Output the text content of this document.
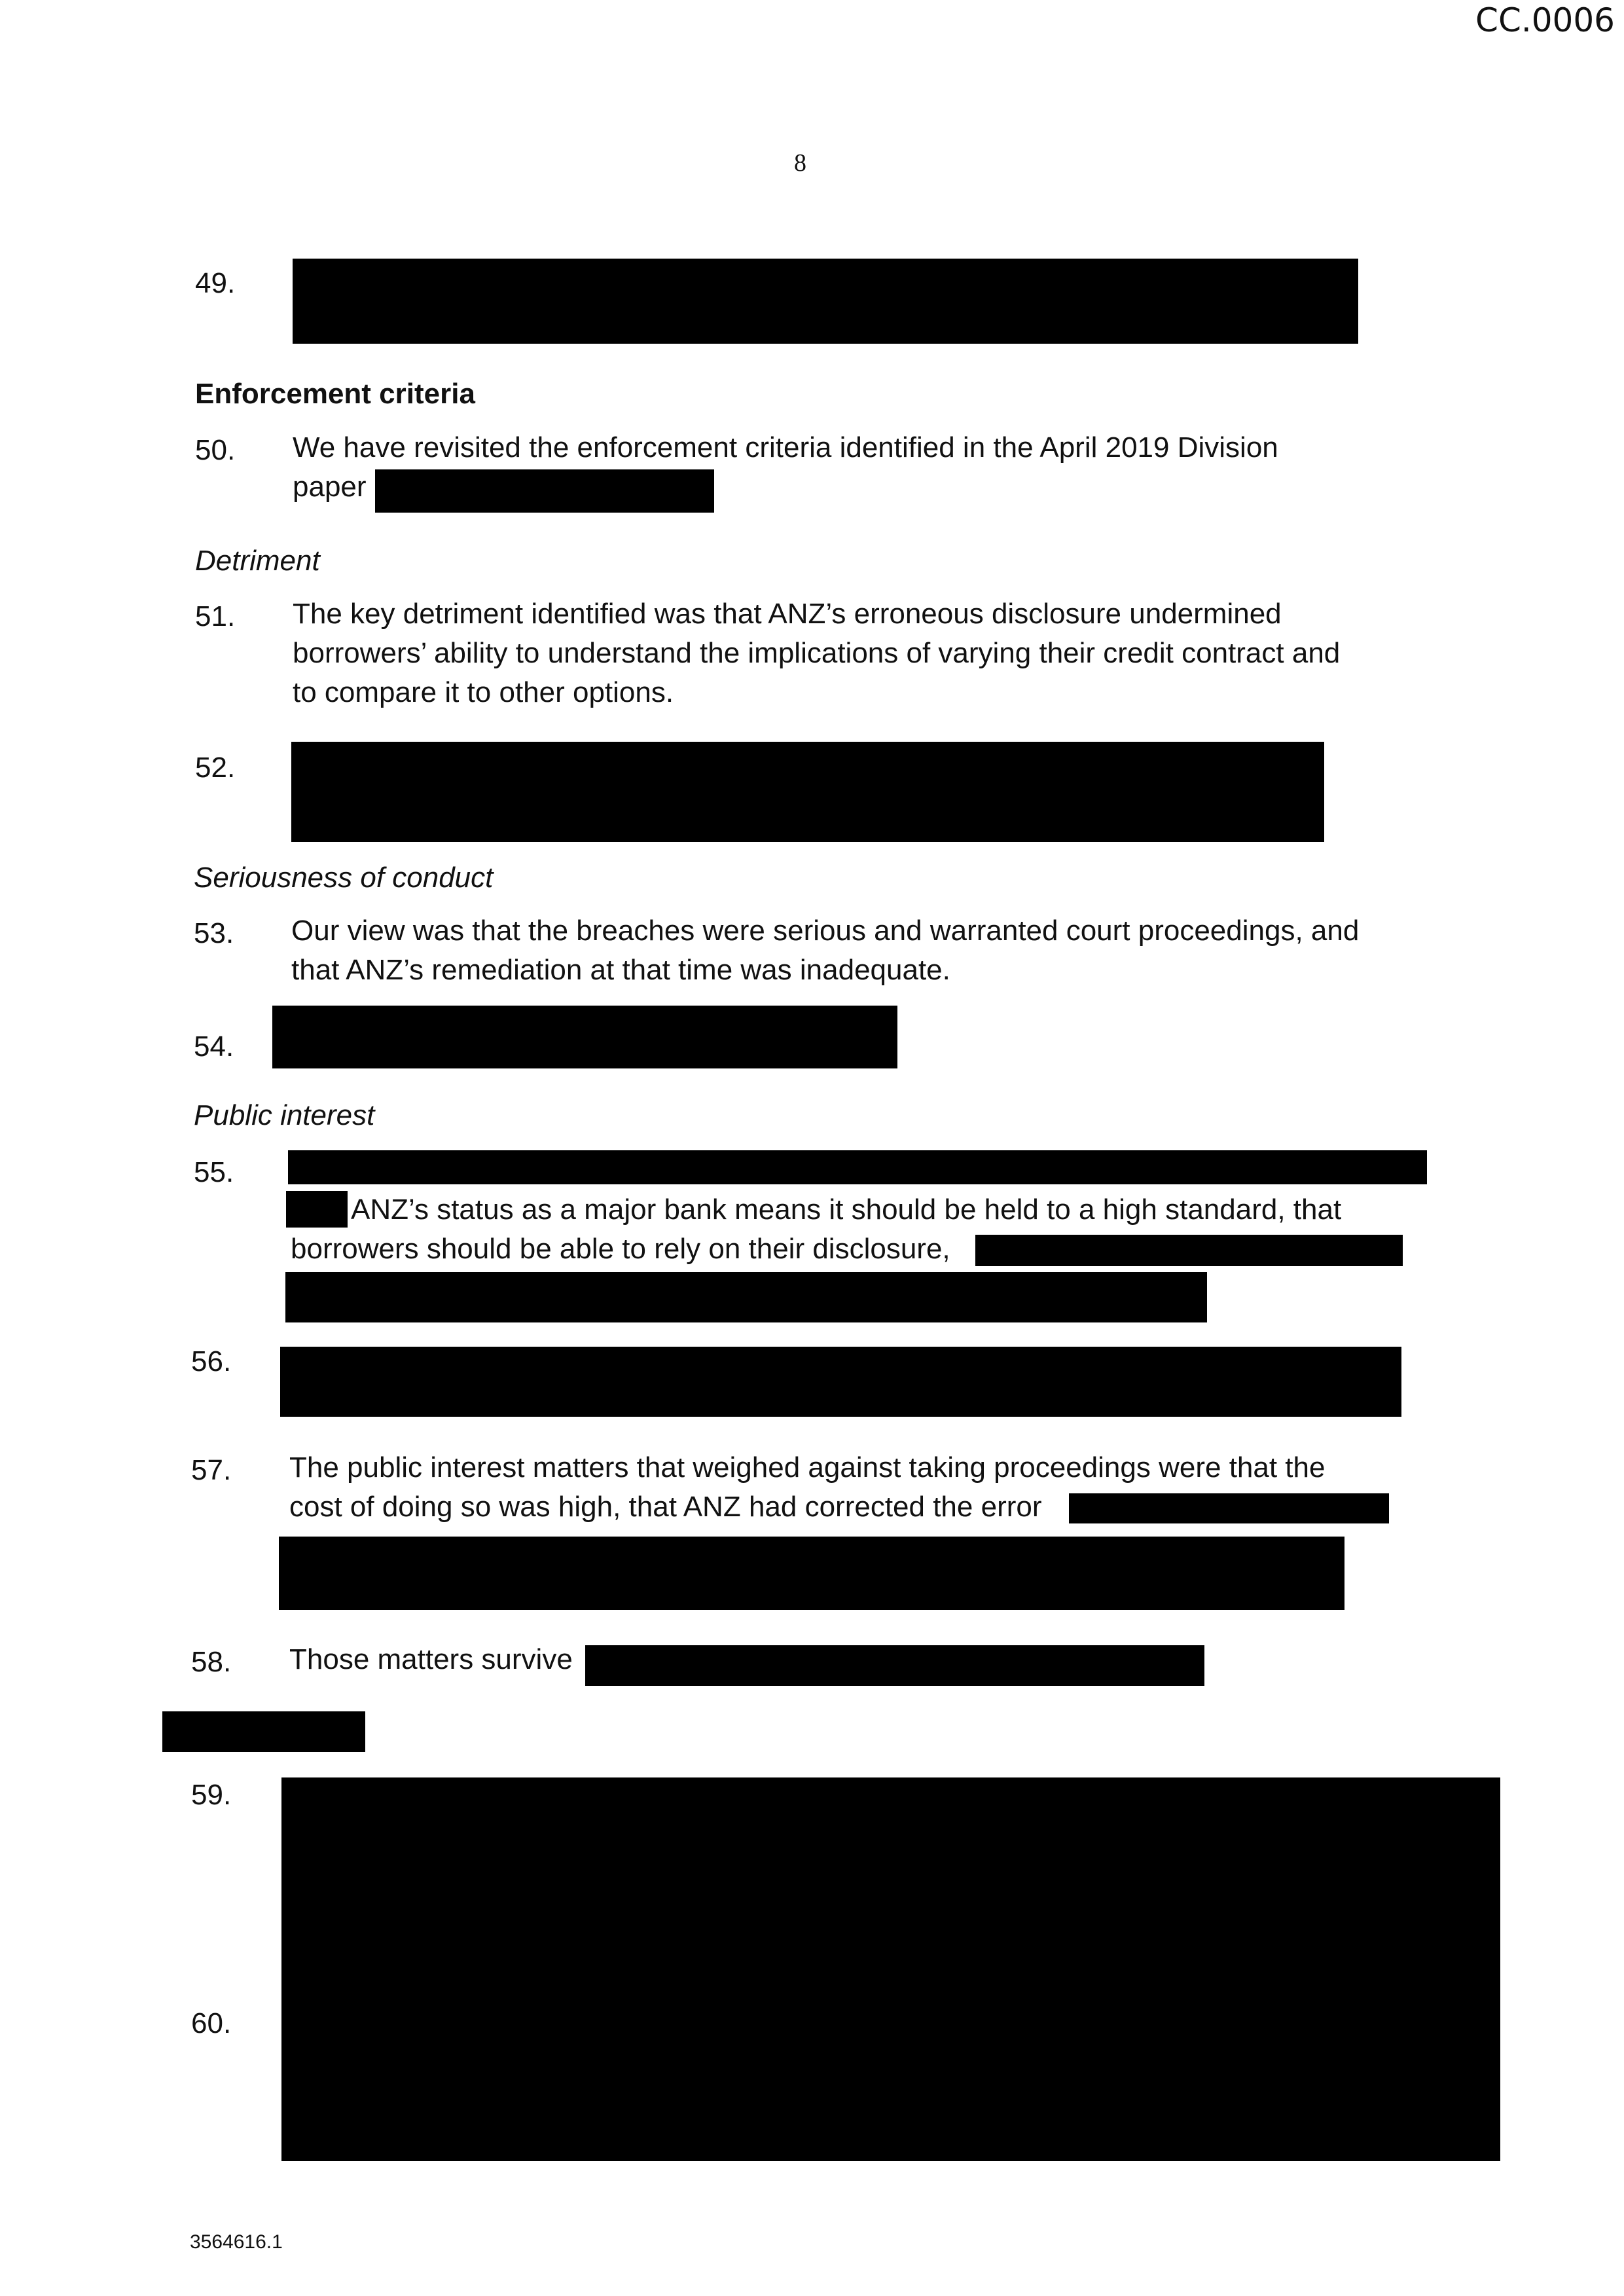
CC.0006
8
49.
Enforcement criteria
50. We have revisited the enforcement criteria identified in the April 2019 Division
paper
Detriment
51. The key detriment identified was that ANZ’s erroneous disclosure undermined
borrowers’ ability to understand the implications of varying their credit contract and
to compare it to other options.
52.
Seriousness of conduct
53. Our view was that the breaches were serious and warranted court proceedings, and
that ANZ’s remediation at that time was inadequate.
54.
Public interest
55.
ANZ’s status as a major bank means it should be held to a high standard, that
borrowers should be able to rely on their disclosure,
56.
57. The public interest matters that weighed against taking proceedings were that the
cost of doing so was high, that ANZ had corrected the error
58. Those matters survive
59.
60.
3564616.1
